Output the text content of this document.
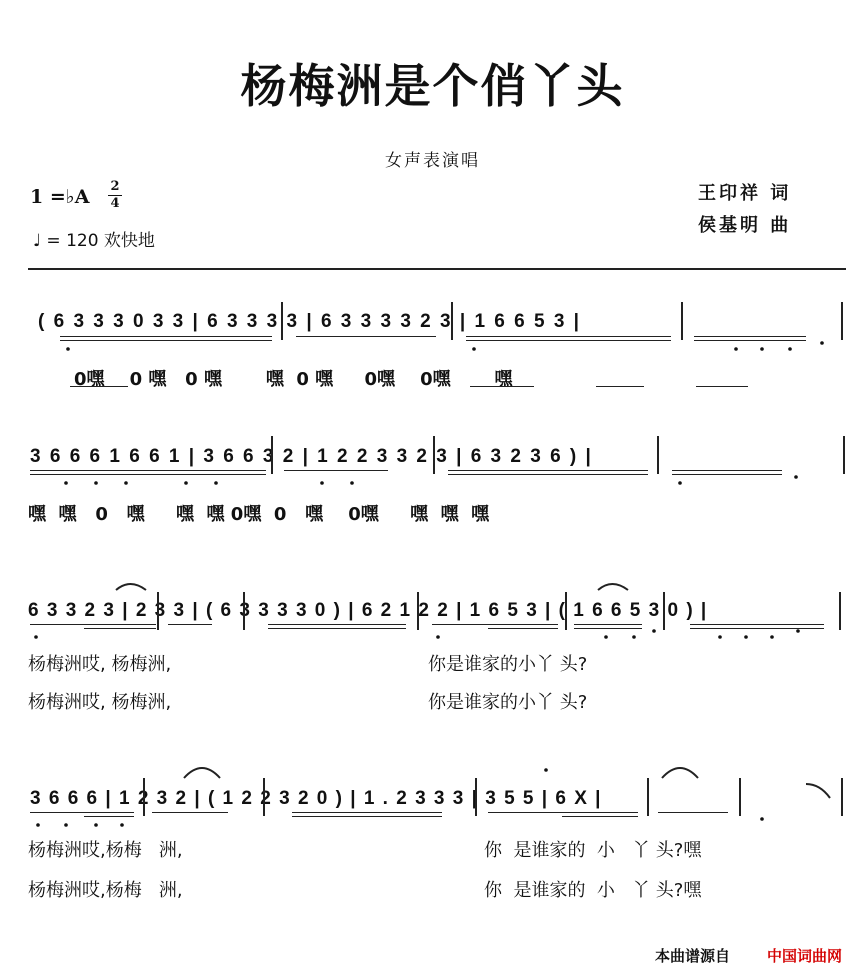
杨梅洲是个俏丫头
女声表演唱
1 =♭A 2
4
♩ = 120 欢快地
王印祥 词
侯基明 曲
( 6 3 3 3 0 3 3 | 6 3 3 3 3 | 6 3 3 3 3 2 3 | 1 6 6 5 3 |
0嘿    0 嘿   0 嘿       嘿  0 嘿     0嘿    0嘿       嘿
3 6 6 6 1 6 6 1 | 3 6 6 3 2 | 1 2 2 3 3 2 3 | 6 3 2 3 6 ) |
嘿  嘿   0   嘿     嘿  嘿 0嘿  0   嘿    0嘿     嘿  嘿  嘿
6 3 3 2 3 | 2 3 3 | ( 6 3 3 3 3 0 ) | 6 2 1 2 2 | 1 6 5 3 | ( 1 6 6 5 3 0 ) |
杨梅洲哎, 杨梅洲,	你是谁家的小丫 头?
杨梅洲哎, 杨梅洲,	你是谁家的小丫 头?
3 6 6 6 | 1 2 3 2 | ( 1 2 2 3 2 0 ) | 1 . 2 3 3 3 | 3 5 5 | 6 X |
杨梅洲哎,杨梅   洲,	你  是谁家的  小   丫 头?嘿
杨梅洲哎,杨梅   洲,	你  是谁家的  小   丫 头?嘿
本曲谱源自 中国词曲网
